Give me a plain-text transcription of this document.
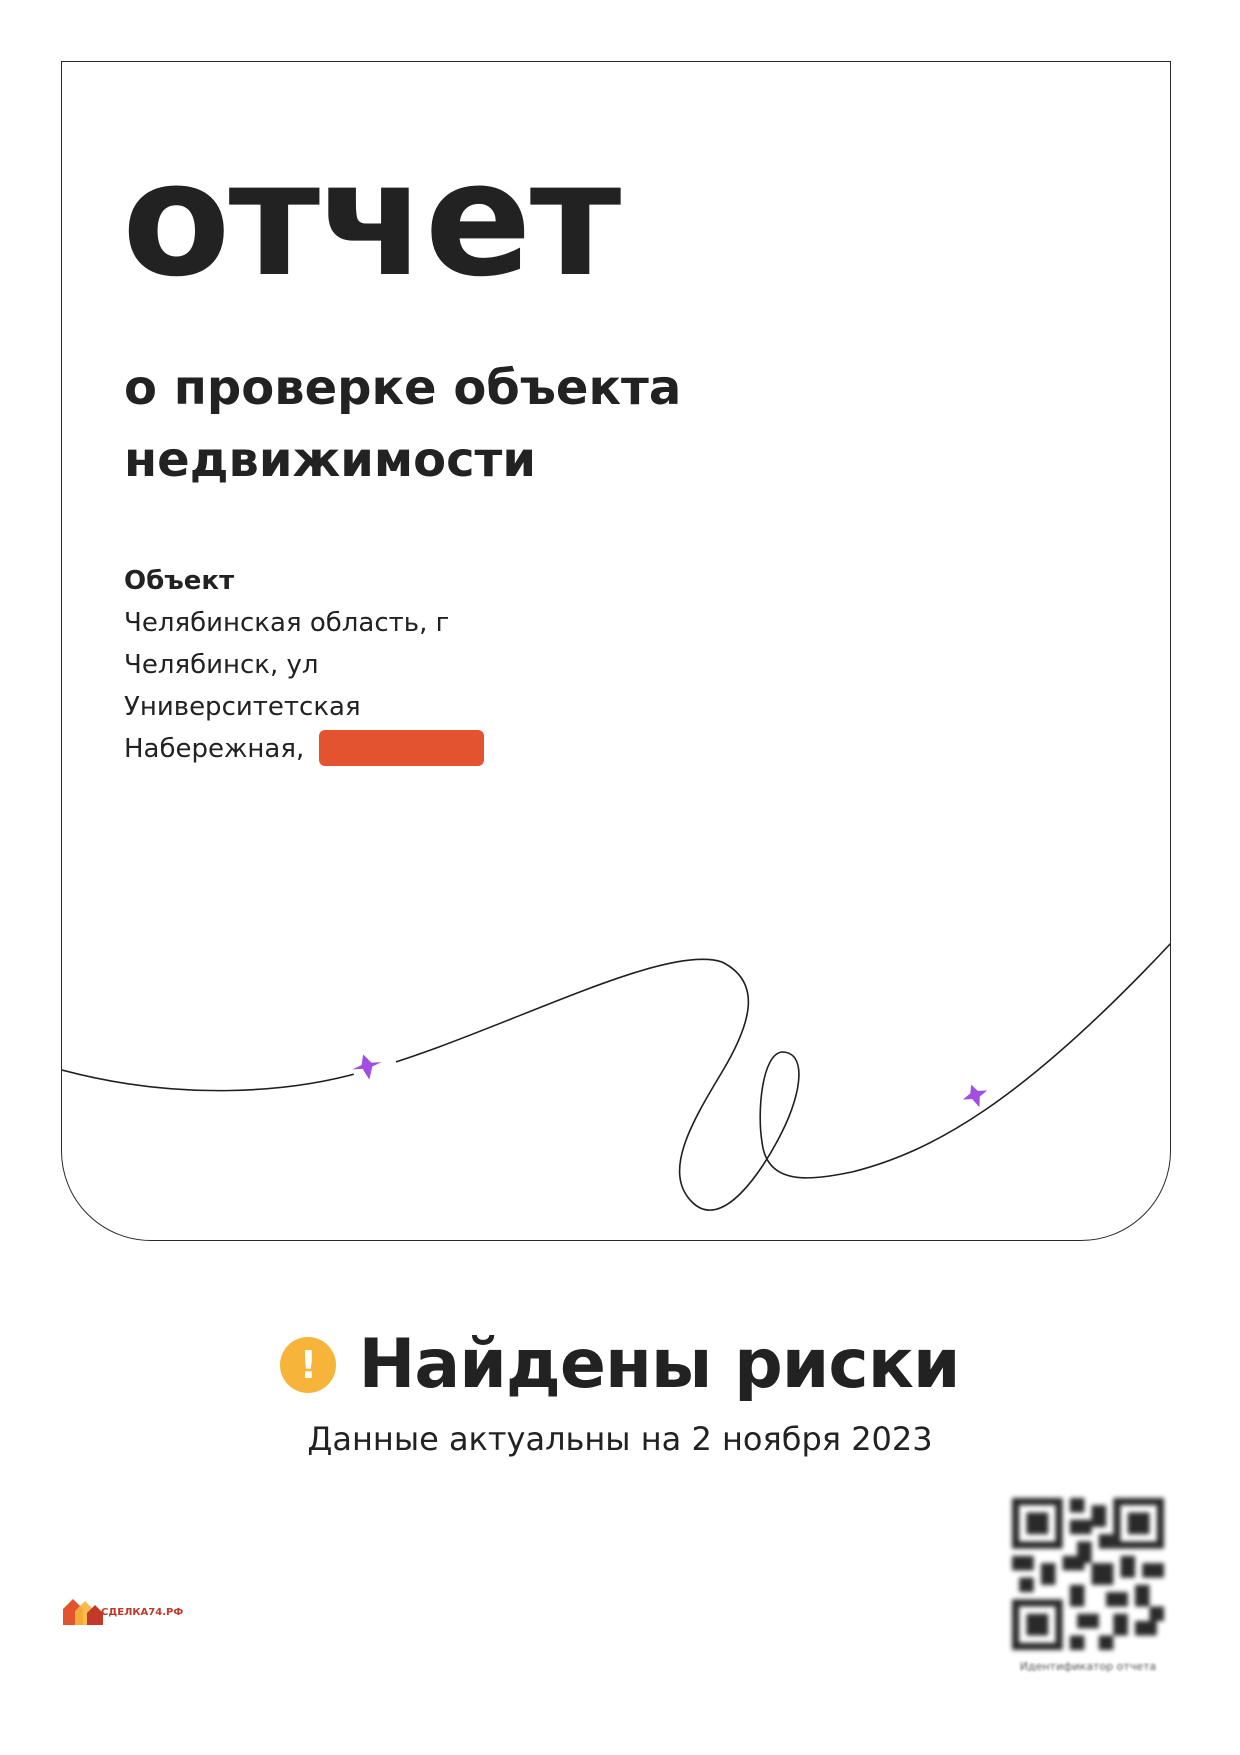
отчет
о проверке объекта недвижимости
Объект
Челябинская область, г
Челябинск, ул
Университетская
Набережная,
! Найдены риски
Данные актуальны на 2 ноября 2023
СДЕЛКА74.РФ
Идентификатор отчета
